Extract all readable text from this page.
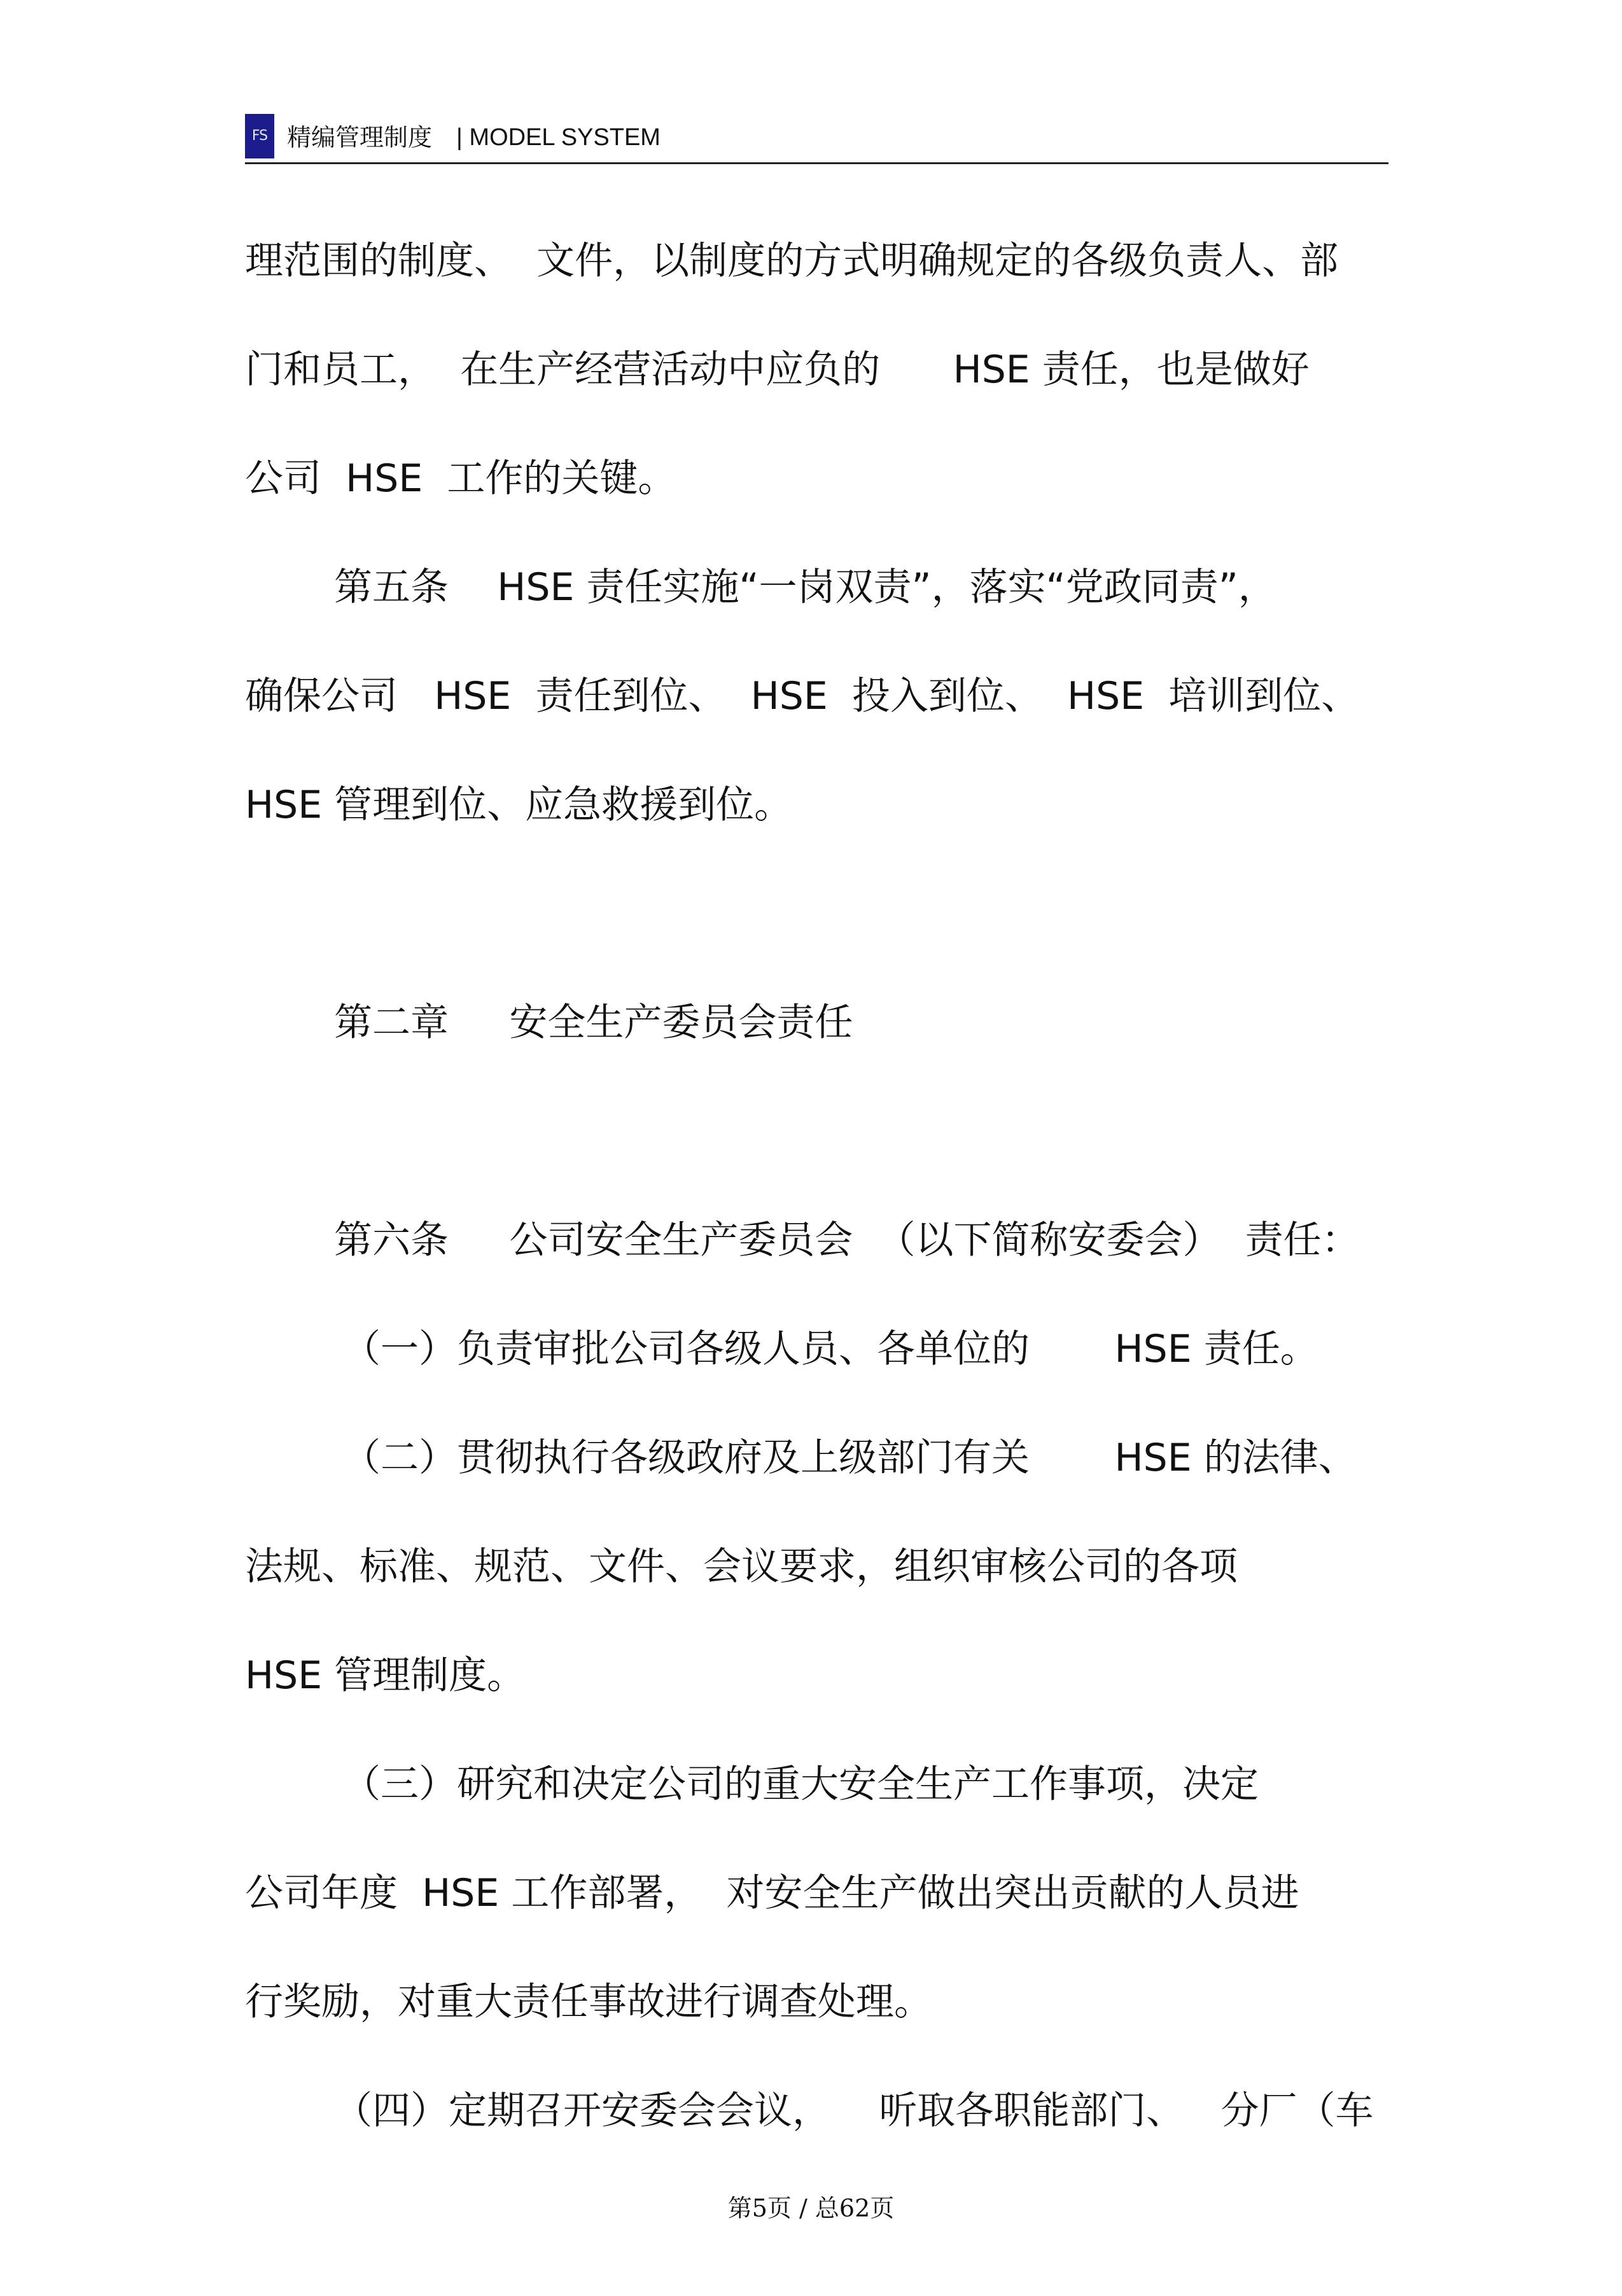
FS 精编管理制度 | MODEL SYSTEM
理范围的制度、  文件，以制度的方式明确规定的各级负责人、部
门和员工，  在生产经营活动中应负的      HSE 责任，也是做好
公司  HSE  工作的关键。
第五条    HSE 责任实施“一岗双责”，落实“党政同责”，
确保公司   HSE  责任到位、  HSE  投入到位、  HSE  培训到位、
HSE 管理到位、应急救援到位。
第二章     安全生产委员会责任
第六条     公司安全生产委员会  （以下简称安委会）  责任：
（一）负责审批公司各级人员、各单位的       HSE 责任。
（二）贯彻执行各级政府及上级部门有关       HSE 的法律、
法规、标准、规范、文件、会议要求，组织审核公司的各项
HSE 管理制度。
（三）研究和决定公司的重大安全生产工作事项，决定
公司年度  HSE 工作部署，  对安全生产做出突出贡献的人员进
行奖励，对重大责任事故进行调查处理。
（四）定期召开安委会会议，    听取各职能部门、   分厂（车
第5页 / 总62页
